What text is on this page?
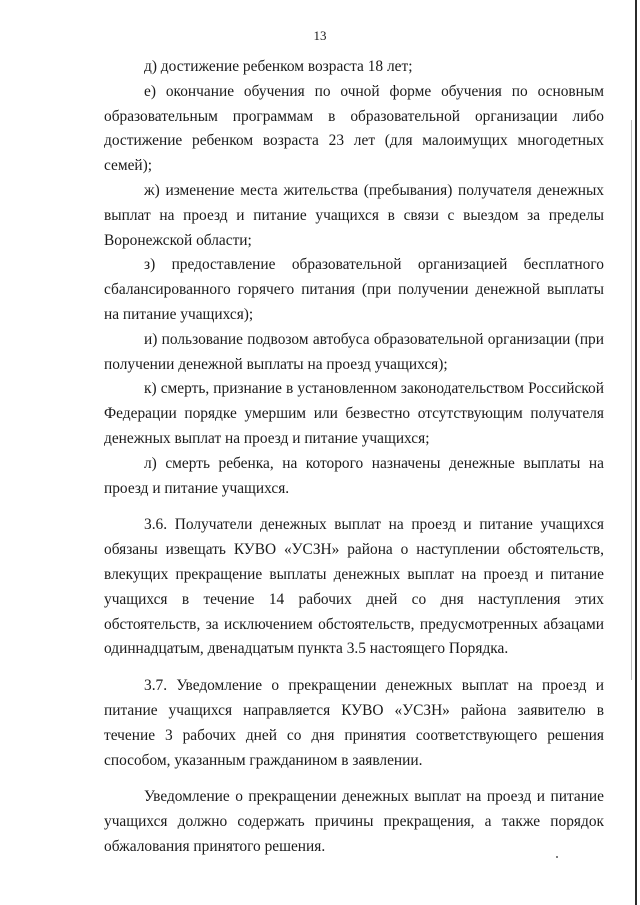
13

д) достижение ребенком возраста 18 лет;

е) окончание обучения по очной форме обучения по основным образовательным программам в образовательной организации либо достижение ребенком возраста 23 лет (для малоимущих многодетных семей);

ж) изменение места жительства (пребывания) получателя денежных выплат на проезд и питание учащихся в связи с выездом за пределы Воронежской области;

з) предоставление образовательной организацией бесплатного сбалансированного горячего питания (при получении денежной выплаты на питание учащихся);

и) пользование подвозом автобуса образовательной организации (при получении денежной выплаты на проезд учащихся);

к) смерть, признание в установленном законодательством Российской Федерации порядке умершим или безвестно отсутствующим получателя денежных выплат на проезд и питание учащихся;

л) смерть ребенка, на которого назначены денежные выплаты на проезд и питание учащихся.

3.6. Получатели денежных выплат на проезд и питание учащихся обязаны извещать КУВО «УСЗН» района о наступлении обстоятельств, влекущих прекращение выплаты денежных выплат на проезд и питание учащихся в течение 14 рабочих дней со дня наступления этих обстоятельств, за исключением обстоятельств, предусмотренных абзацами одиннадцатым, двенадцатым пункта 3.5 настоящего Порядка.

3.7. Уведомление о прекращении денежных выплат на проезд и питание учащихся направляется КУВО «УСЗН» района заявителю в течение 3 рабочих дней со дня принятия соответствующего решения способом, указанным гражданином в заявлении.

Уведомление о прекращении денежных выплат на проезд и питание учащихся должно содержать причины прекращения, а также порядок обжалования принятого решения.
